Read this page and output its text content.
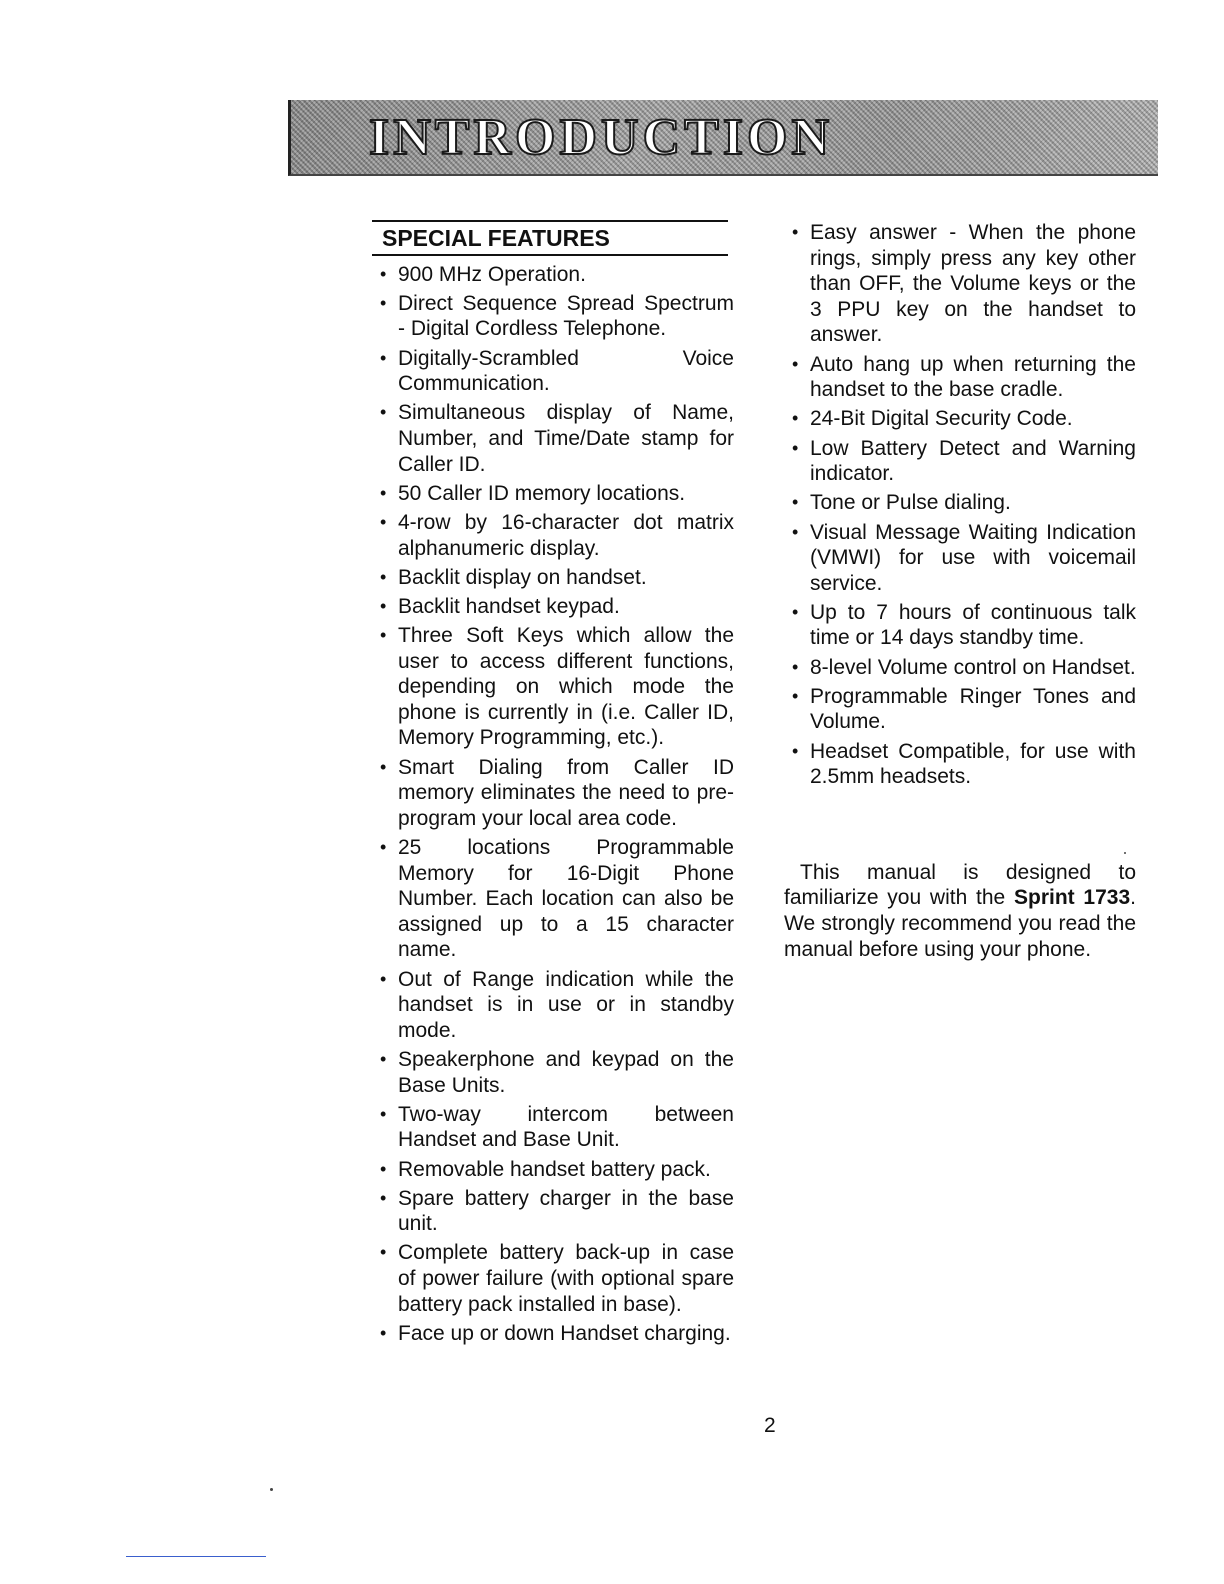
INTRODUCTION
SPECIAL FEATURES
• 900 MHz Operation.
• Direct Sequence Spread Spectrum - Digital Cordless Telephone.
• Digitally-Scrambled Voice Communication.
• Simultaneous display of Name, Number, and Time/Date stamp for Caller ID.
• 50 Caller ID memory locations.
• 4-row by 16-character dot matrix alphanumeric display.
• Backlit display on handset.
• Backlit handset keypad.
• Three Soft Keys which allow the user to access different functions, depending on which mode the phone is currently in (i.e. Caller ID, Memory Programming, etc.).
• Smart Dialing from Caller ID memory eliminates the need to pre-program your local area code.
• 25 locations Programmable Memory for 16-Digit Phone Number. Each location can also be assigned up to a 15 character name.
• Out of Range indication while the handset is in use or in standby mode.
• Speakerphone and keypad on the Base Units.
• Two-way intercom between Handset and Base Unit.
• Removable handset battery pack.
• Spare battery charger in the base unit.
• Complete battery back-up in case of power failure (with optional spare battery pack installed in base).
• Face up or down Handset charging.
• Easy answer - When the phone rings, simply press any key other than OFF, the Volume keys or the 3 PPU key on the handset to answer.
• Auto hang up when returning the handset to the base cradle.
• 24-Bit Digital Security Code.
• Low Battery Detect and Warning indicator.
• Tone or Pulse dialing.
• Visual Message Waiting Indication (VMWI) for use with voicemail service.
• Up to 7 hours of continuous talk time or 14 days standby time.
• 8-level Volume control on Handset.
• Programmable Ringer Tones and Volume.
• Headset Compatible, for use with 2.5mm headsets.

This manual is designed to familiarize you with the Sprint 1733. We strongly recommend you read the manual before using your phone.

2
